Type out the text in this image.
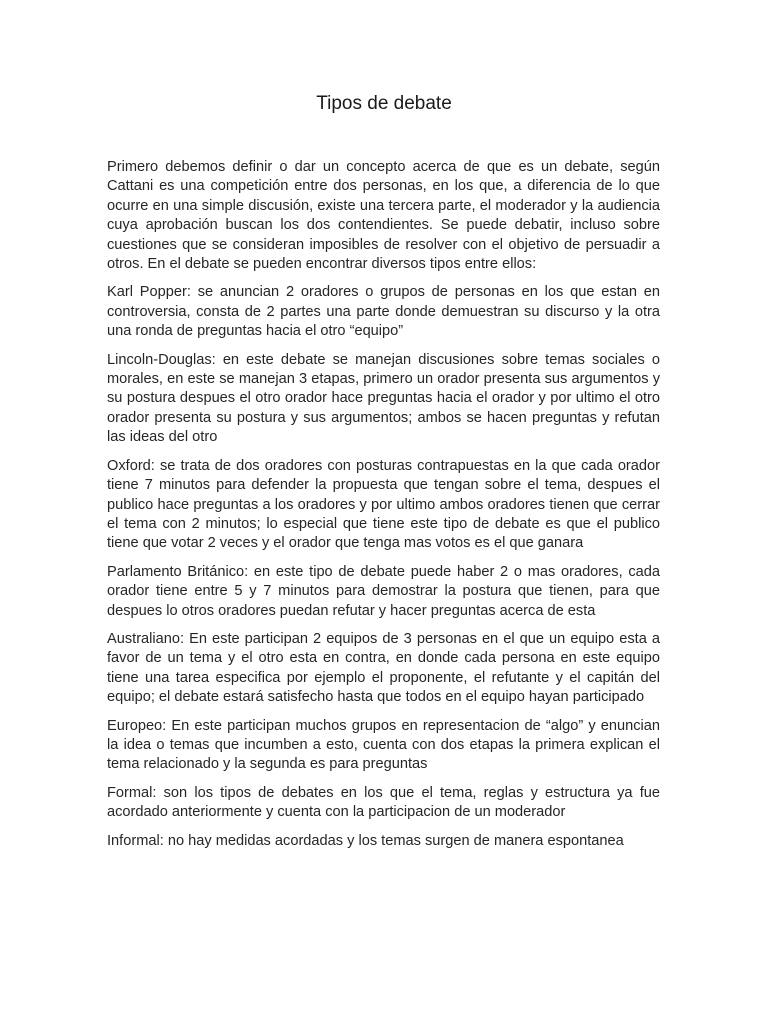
Tipos de debate

Primero debemos definir o dar un concepto acerca de que es un debate, según Cattani es una competición entre dos personas, en los que, a diferencia de lo que ocurre en una simple discusión, existe una tercera parte, el moderador y la audiencia cuya aprobación buscan los dos contendientes. Se puede debatir, incluso sobre cuestiones que se consideran imposibles de resolver con el objetivo de persuadir a otros. En el debate se pueden encontrar diversos tipos entre ellos:

Karl Popper: se anuncian 2 oradores o grupos de personas en los que estan en controversia, consta de 2 partes una parte donde demuestran su discurso y la otra una ronda de preguntas hacia el otro “equipo”

Lincoln-Douglas: en este debate se manejan discusiones sobre temas sociales o morales, en este se manejan 3 etapas, primero un orador presenta sus argumentos y su postura despues el otro orador hace preguntas hacia el orador y por ultimo el otro orador presenta su postura y sus argumentos; ambos se hacen preguntas y refutan las ideas del otro

Oxford: se trata de dos oradores con posturas contrapuestas en la que cada orador tiene 7 minutos para defender la propuesta que tengan sobre el tema, despues el publico hace preguntas a los oradores y por ultimo ambos oradores tienen que cerrar el tema con 2 minutos; lo especial que tiene este tipo de debate es que el publico tiene que votar 2 veces y el orador que tenga mas votos es el que ganara

Parlamento Británico: en este tipo de debate puede haber 2 o mas oradores, cada orador tiene entre 5 y 7 minutos para demostrar la postura que tienen, para que despues lo otros oradores puedan refutar y hacer preguntas acerca de esta

Australiano: En este participan 2 equipos de 3 personas en el que un equipo esta a favor de un tema y el otro esta en contra, en donde cada persona en este equipo tiene una tarea especifica por ejemplo el proponente, el refutante y el capitán del equipo; el debate estará satisfecho hasta que todos en el equipo hayan participado

Europeo: En este participan muchos grupos en representacion de “algo” y enuncian la idea o temas que incumben a esto, cuenta con dos etapas la primera explican el tema relacionado y la segunda es para preguntas

Formal: son los tipos de debates en los que el tema, reglas y estructura ya fue acordado anteriormente y cuenta con la participacion de un moderador

Informal: no hay medidas acordadas y los temas surgen de manera espontanea
